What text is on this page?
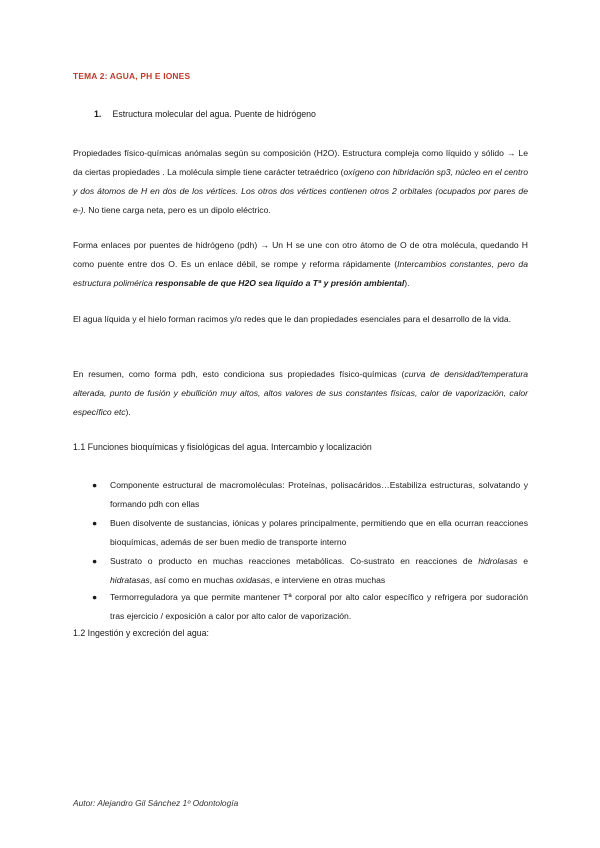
TEMA 2: AGUA, PH E IONES
1. Estructura molecular del agua. Puente de hidrógeno
Propiedades físico-químicas anómalas según su composición (H2O). Estructura compleja como líquido y sólido → Le da ciertas propiedades . La molécula simple tiene carácter tetraédrico (oxígeno con hibridación sp3, núcleo en el centro y dos átomos de H en dos de los vértices. Los otros dos vértices contienen otros 2 orbitales (ocupados por pares de e-). No tiene carga neta, pero es un dipolo eléctrico.
Forma enlaces por puentes de hidrógeno (pdh) → Un H se une con otro átomo de O de otra molécula, quedando H como puente entre dos O. Es un enlace débil, se rompe y reforma rápidamente (Intercambios constantes, pero da estructura polimérica responsable de que H2O sea líquido a Tª y presión ambiental).
El agua líquida y el hielo forman racimos y/o redes que le dan propiedades esenciales para el desarrollo de la vida.
En resumen, como forma pdh, esto condiciona sus propiedades físico-químicas (curva de densidad/temperatura alterada, punto de fusión y ebullición muy altos, altos valores de sus constantes físicas, calor de vaporización, calor específico etc).
1.1 Funciones bioquímicas y fisiológicas del agua. Intercambio y localización
● Componente estructural de macromoléculas: Proteínas, polisacáridos…Estabiliza estructuras, solvatando y formando pdh con ellas
● Buen disolvente de sustancias, iónicas y polares principalmente, permitiendo que en ella ocurran reacciones bioquímicas, además de ser buen medio de transporte interno
● Sustrato o producto en muchas reacciones metabólicas. Co-sustrato en reacciones de hidrolasas e hidratasas, así como en muchas oxidasas, e interviene en otras muchas
● Termorreguladora ya que permite mantener Tª corporal por alto calor específico y refrigera por sudoración tras ejercicio / exposición a calor por alto calor de vaporización.
1.2 Ingestión y excreción del agua:
Autor: Alejandro Gil Sánchez 1º Odontología
